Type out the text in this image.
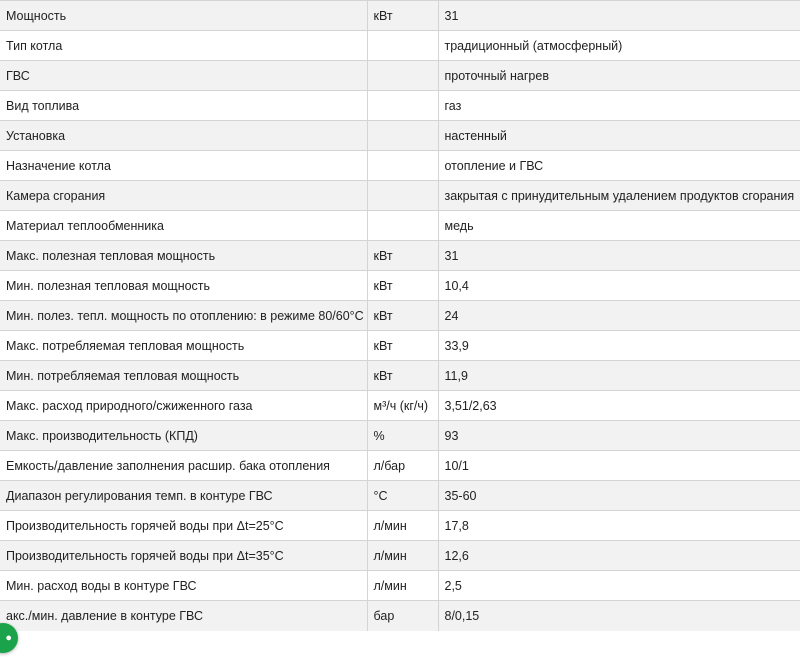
Мощность	кВт	31
Тип котла		традиционный (атмосферный)
ГВС		проточный нагрев
Вид топлива		газ
Установка		настенный
Назначение котла		отопление и ГВС
Камера сгорания		закрытая с принудительным удалением продуктов сгорания
Материал теплообменника		медь
Макс. полезная тепловая мощность	кВт	31
Мин. полезная тепловая мощность	кВт	10,4
Мин. полез. тепл. мощность по отоплению: в режиме 80/60°C	кВт	24
Макс. потребляемая тепловая мощность	кВт	33,9
Мин. потребляемая тепловая мощность	кВт	11,9
Макс. расход природного/сжиженного газа	м³/ч (кг/ч)	3,51/2,63
Макс. производительность (КПД)	%	93
Емкость/давление заполнения расшир. бака отопления	л/бар	10/1
Диапазон регулирования темп. в контуре ГВС	°C	35-60
Производительность горячей воды при Δt=25°C	л/мин	17,8
Производительность горячей воды при Δt=35°C	л/мин	12,6
Мин. расход воды в контуре ГВС	л/мин	2,5
акс./мин. давление в контуре ГВС	бар	8/0,15
●
